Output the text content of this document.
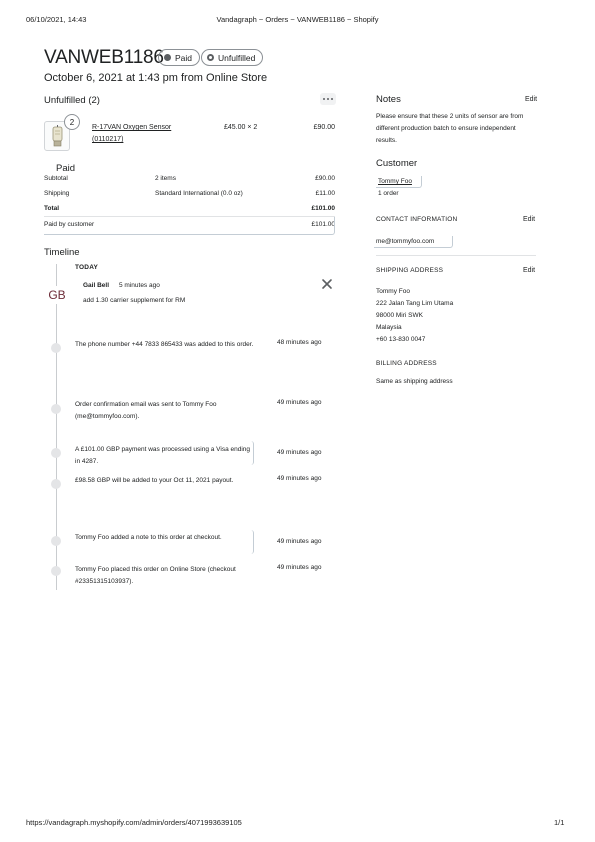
06/10/2021, 14:43	Vandagraph ~ Orders ~ VANWEB1186 ~ Shopify
VANWEB1186 Paid	Unfulfilled
October 6, 2021 at 1:43 pm from Online Store
Unfulfilled (2)
2
R-17VAN Oxygen Sensor
(0110217)
£45.00 × 2	£90.00
Paid
Subtotal	2 items	£90.00
Shipping	Standard International (0.0 oz)	£11.00
Total	£101.00
Paid by customer	£101.00
Timeline
TODAY
GB
Gail Bell 5 minutes ago
add 1.30 carrier supplement for RM
The phone number +44 7833 865433 was added to this order.	48 minutes ago
Order confirmation email was sent to Tommy Foo (me@tommyfoo.com).
49 minutes ago
A £101.00 GBP payment was processed using a Visa ending in 4287.
49 minutes ago
£98.58 GBP will be added to your Oct 11, 2021 payout.	49 minutes ago
Tommy Foo added a note to this order at checkout.
49 minutes ago
Tommy Foo placed this order on Online Store (checkout #23351315103937).
49 minutes ago
Notes	Edit
Please ensure that these 2 units of sensor are from different production batch to ensure independent results.
Customer
Tommy Foo
1 order
CONTACT INFORMATION	Edit
me@tommyfoo.com
SHIPPING ADDRESS	Edit
Tommy Foo
222 Jalan Tang Lim Utama
98000 Miri SWK
Malaysia
+60 13-830 0047
BILLING ADDRESS
Same as shipping address
https://vandagraph.myshopify.com/admin/orders/4071993639105	1/1
